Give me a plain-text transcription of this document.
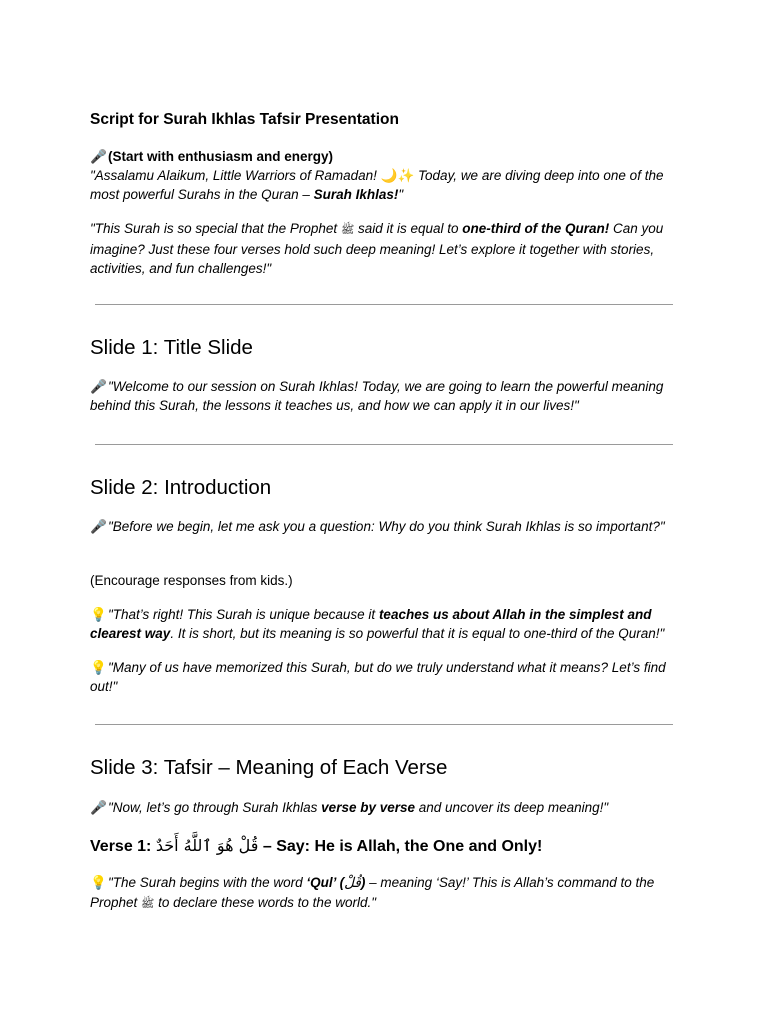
Script for Surah Ikhlas Tafsir Presentation
🎤(Start with enthusiasm and energy)
"Assalamu Alaikum, Little Warriors of Ramadan! 🌙✨ Today, we are diving deep into one of the most powerful Surahs in the Quran – Surah Ikhlas!"
"This Surah is so special that the Prophet ﷺ said it is equal to one-third of the Quran! Can you imagine? Just these four verses hold such deep meaning! Let’s explore it together with stories, activities, and fun challenges!"
Slide 1: Title Slide
🎤"Welcome to our session on Surah Ikhlas! Today, we are going to learn the powerful meaning behind this Surah, the lessons it teaches us, and how we can apply it in our lives!"
Slide 2: Introduction
🎤"Before we begin, let me ask you a question: Why do you think Surah Ikhlas is so important?"
(Encourage responses from kids.)
💡"That’s right! This Surah is unique because it teaches us about Allah in the simplest and clearest way. It is short, but its meaning is so powerful that it is equal to one-third of the Quran!"
💡"Many of us have memorized this Surah, but do we truly understand what it means? Let’s find out!"
Slide 3: Tafsir – Meaning of Each Verse
🎤"Now, let’s go through Surah Ikhlas verse by verse and uncover its deep meaning!"
Verse 1: قُلْ هُوَ ٱللَّهُ أَحَدٌ – Say: He is Allah, the One and Only!
💡"The Surah begins with the word ‘Qul’ (قُلْ) – meaning ‘Say!’ This is Allah’s command to the Prophet ﷺ to declare these words to the world."
